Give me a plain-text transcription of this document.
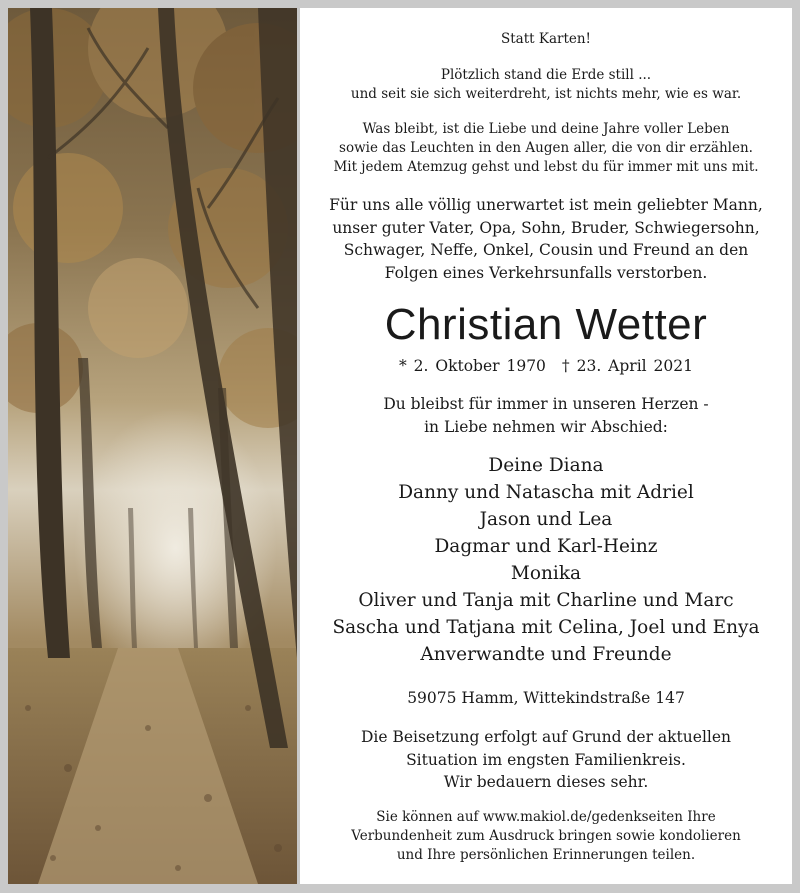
Statt Karten!
Plötzlich stand die Erde still ...
und seit sie sich weiterdreht, ist nichts mehr, wie es war.
Was bleibt, ist die Liebe und deine Jahre voller Leben
sowie das Leuchten in den Augen aller, die von dir erzählen.
Mit jedem Atemzug gehst und lebst du für immer mit uns mit.
Für uns alle völlig unerwartet ist mein geliebter Mann,
unser guter Vater, Opa, Sohn, Bruder, Schwiegersohn,
Schwager, Neffe, Onkel, Cousin und Freund an den
Folgen eines Verkehrsunfalls verstorben.
Christian Wetter
* 2. Oktober 1970 † 23. April 2021
Du bleibst für immer in unseren Herzen -
in Liebe nehmen wir Abschied:
Deine Diana
Danny und Natascha mit Adriel
Jason und Lea
Dagmar und Karl-Heinz
Monika
Oliver und Tanja mit Charline und Marc
Sascha und Tatjana mit Celina, Joel und Enya
Anverwandte und Freunde
59075 Hamm, Wittekindstraße 147
Die Beisetzung erfolgt auf Grund der aktuellen
Situation im engsten Familienkreis.
Wir bedauern dieses sehr.
Sie können auf www.makiol.de/gedenkseiten Ihre
Verbundenheit zum Ausdruck bringen sowie kondolieren
und Ihre persönlichen Erinnerungen teilen.
